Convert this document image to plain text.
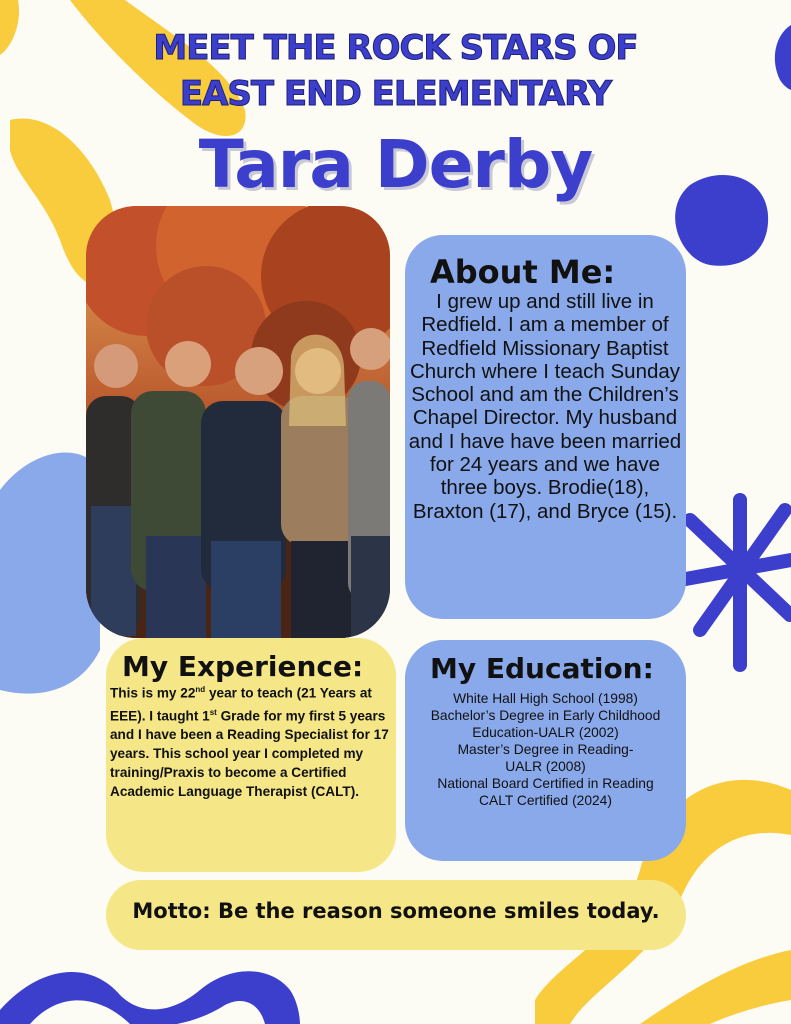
MEET THE ROCK STARS OF
EAST END ELEMENTARY
Tara Derby
About Me:
I grew up and still live in Redfield. I am a member of Redfield Missionary Baptist Church where I teach Sunday School and am the Children’s Chapel Director. My husband and I have have been married for 24 years and we have three boys. Brodie(18), Braxton (17), and Bryce (15).
My Experience:
This is my 22nd year to teach (21 Years at EEE). I taught 1st Grade for my first 5 years and I have been a Reading Specialist for 17 years. This school year I completed my training/Praxis to become a Certified Academic Language Therapist (CALT).
My Education:
White Hall High School (1998)
Bachelor’s Degree in Early Childhood Education-UALR (2002)
Master’s Degree in Reading-UALR (2008)
National Board Certified in Reading
CALT Certified (2024)
Motto: Be the reason someone smiles today.
